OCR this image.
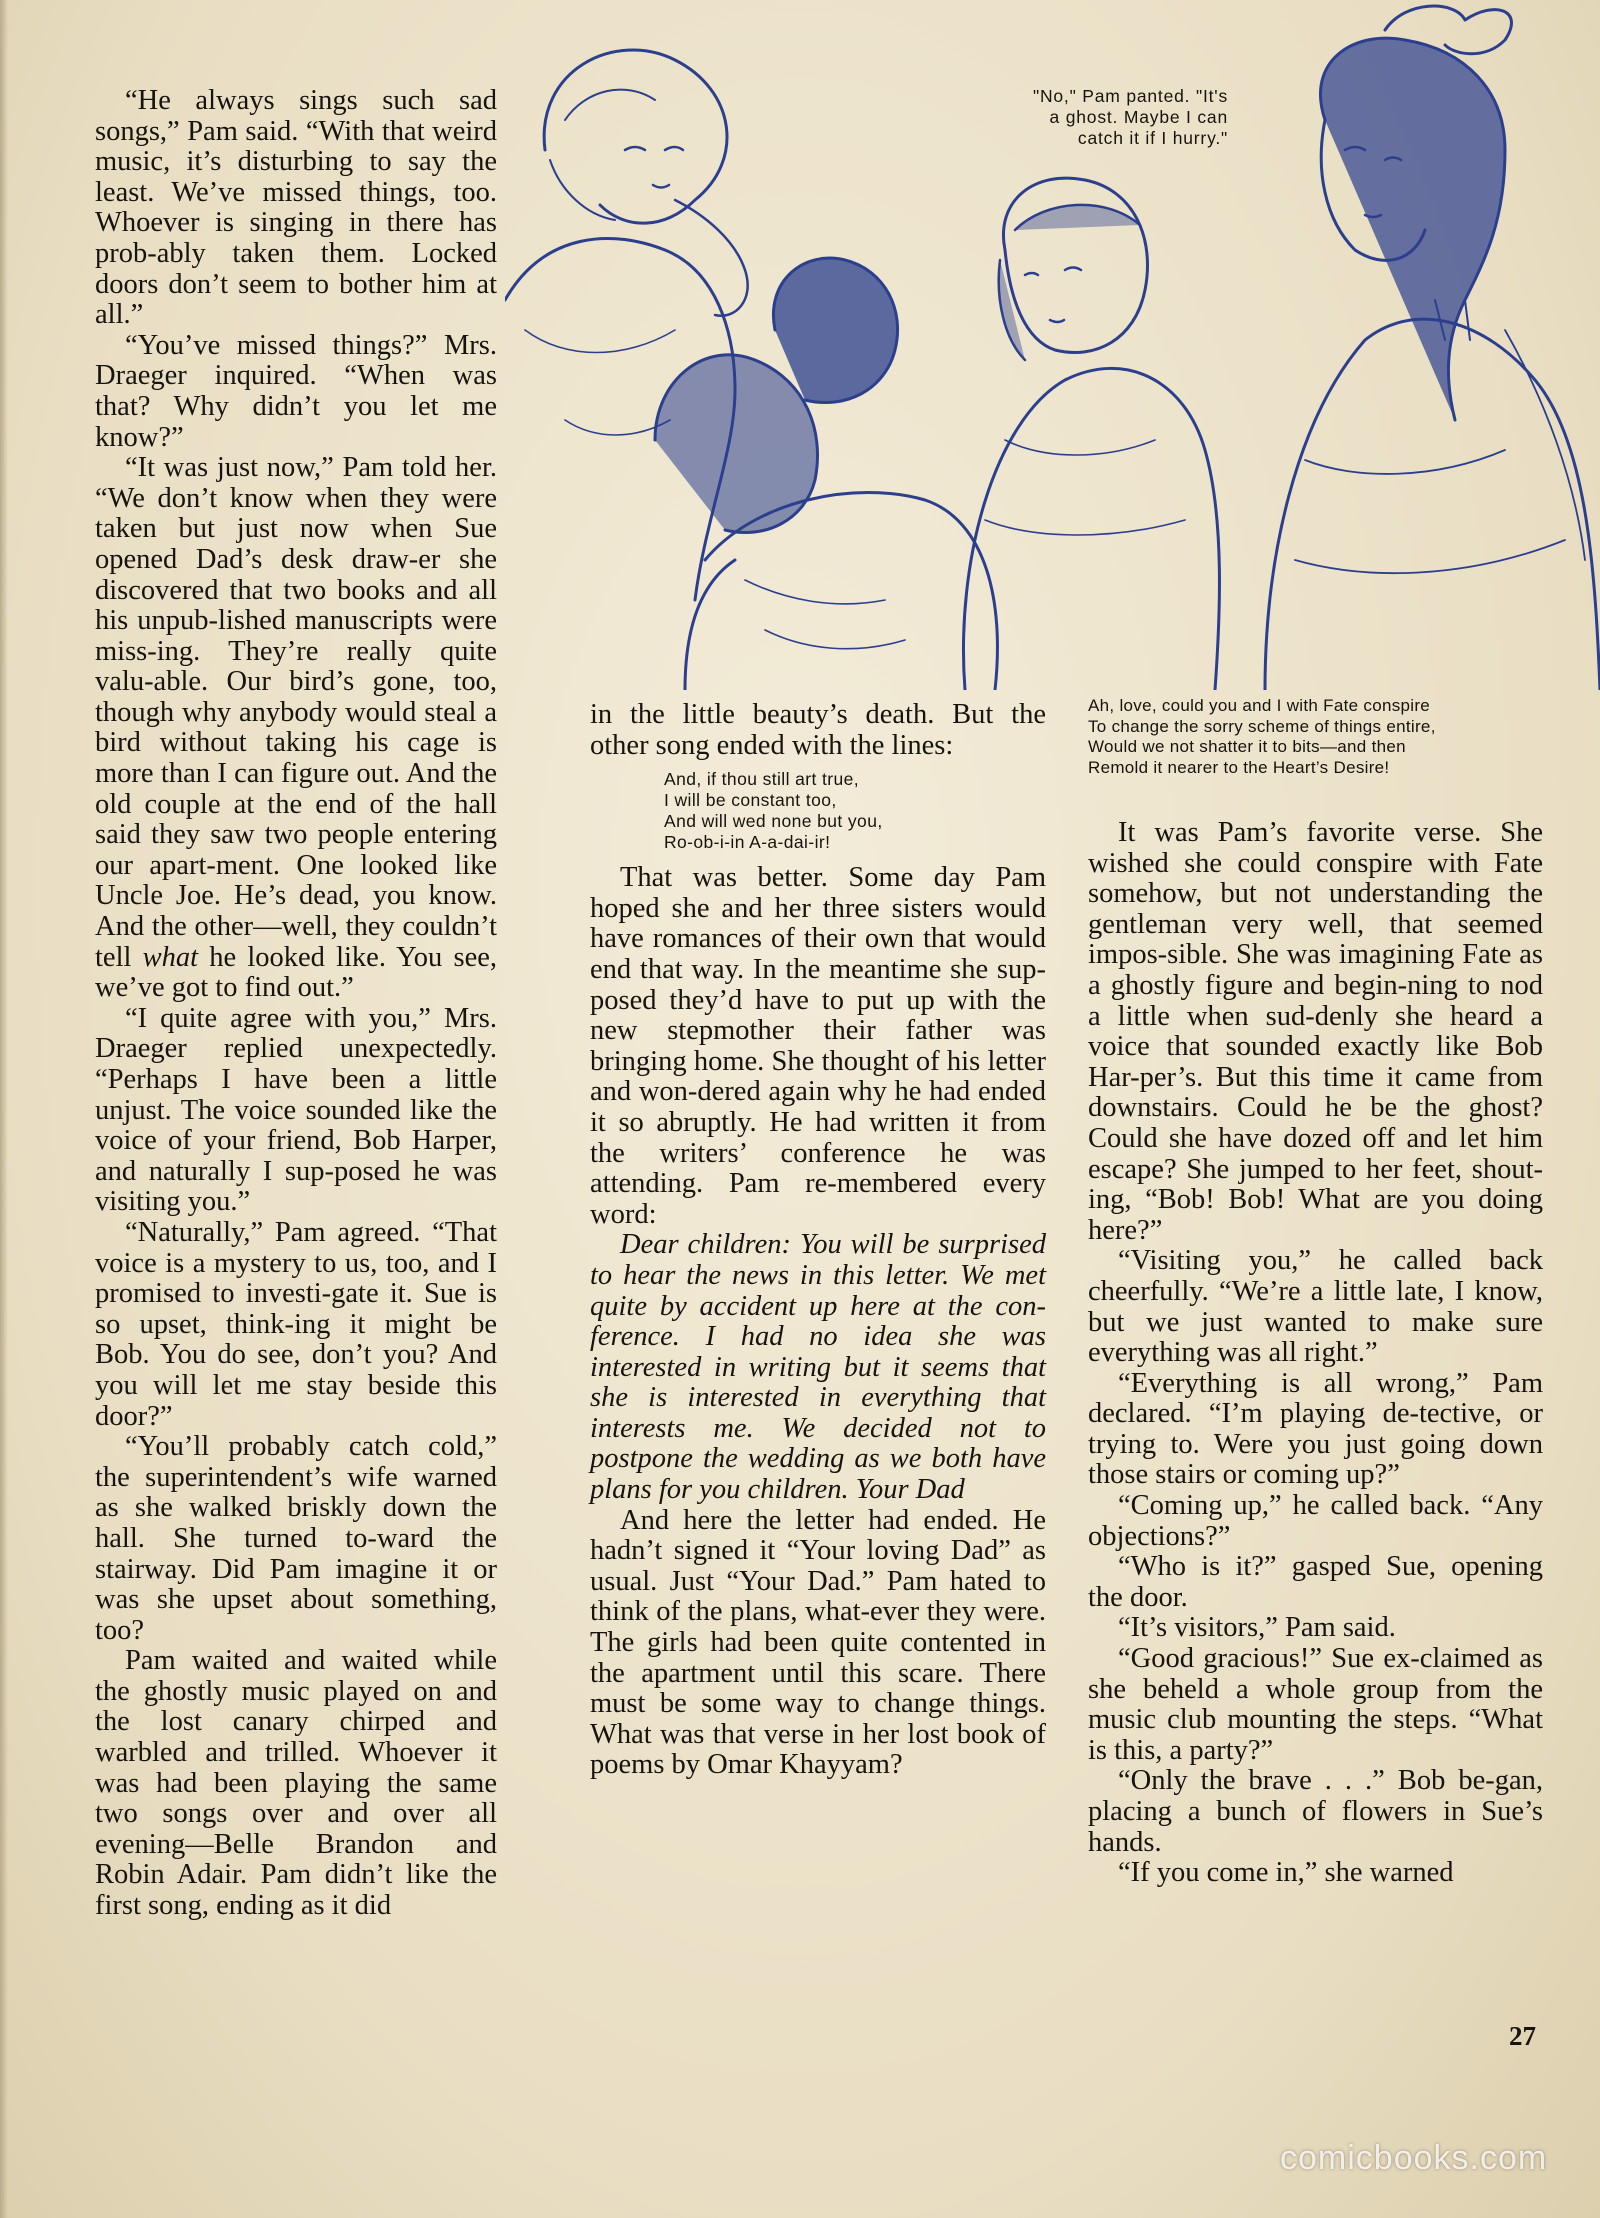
"No," Pam panted. "It's
a ghost. Maybe I can
catch it if I hurry."

“He always sings such sad songs,” Pam said. “With that weird music, it’s disturbing to say the least. We’ve missed things, too. Whoever is singing in there has prob-ably taken them. Locked doors don’t seem to bother him at all.”

“You’ve missed things?” Mrs. Draeger inquired. “When was that? Why didn’t you let me know?”

“It was just now,” Pam told her. “We don’t know when they were taken but just now when Sue opened Dad’s desk draw-er she discovered that two books and all his unpub-lished manuscripts were miss-ing. They’re really quite valu-able. Our bird’s gone, too, though why anybody would steal a bird without taking his cage is more than I can figure out. And the old couple at the end of the hall said they saw two people entering our apart-ment. One looked like Uncle Joe. He’s dead, you know. And the other—well, they couldn’t tell what he looked like. You see, we’ve got to find out.”

“I quite agree with you,” Mrs. Draeger replied unexpectedly. “Perhaps I have been a little unjust. The voice sounded like the voice of your friend, Bob Harper, and naturally I sup-posed he was visiting you.”

“Naturally,” Pam agreed. “That voice is a mystery to us, too, and I promised to investi-gate it. Sue is so upset, think-ing it might be Bob. You do see, don’t you? And you will let me stay beside this door?”

“You’ll probably catch cold,” the superintendent’s wife warned as she walked briskly down the hall. She turned to-ward the stairway. Did Pam imagine it or was she upset about something, too?

Pam waited and waited while the ghostly music played on and the lost canary chirped and warbled and trilled. Whoever it was had been playing the same two songs over and over all evening—Belle Brandon and Robin Adair. Pam didn’t like the first song, ending as it did

in the little beauty’s death. But the other song ended with the lines:

And, if thou still art true,
I will be constant too,
And will wed none but you,
Ro-ob-i-in A-a-dai-ir!

That was better. Some day Pam hoped she and her three sisters would have romances of their own that would end that way. In the meantime she sup-posed they’d have to put up with the new stepmother their father was bringing home. She thought of his letter and won-dered again why he had ended it so abruptly. He had written it from the writers’ conference he was attending. Pam re-membered every word:

Dear children: You will be surprised to hear the news in this letter. We met quite by accident up here at the con-ference. I had no idea she was interested in writing but it seems that she is interested in everything that interests me. We decided not to postpone the wedding as we both have plans for you children. Your Dad

And here the letter had ended. He hadn’t signed it “Your loving Dad” as usual. Just “Your Dad.” Pam hated to think of the plans, what-ever they were. The girls had been quite contented in the apartment until this scare. There must be some way to change things. What was that verse in her lost book of poems by Omar Khayyam?

Ah, love, could you and I with Fate conspire
To change the sorry scheme of things entire,
Would we not shatter it to bits—and then
Remold it nearer to the Heart’s Desire!

It was Pam’s favorite verse. She wished she could conspire with Fate somehow, but not understanding the gentleman very well, that seemed impos-sible. She was imagining Fate as a ghostly figure and begin-ning to nod a little when sud-denly she heard a voice that sounded exactly like Bob Har-per’s. But this time it came from downstairs. Could he be the ghost? Could she have dozed off and let him escape? She jumped to her feet, shout-ing, “Bob! Bob! What are you doing here?”

“Visiting you,” he called back cheerfully. “We’re a little late, I know, but we just wanted to make sure everything was all right.”

“Everything is all wrong,” Pam declared. “I’m playing de-tective, or trying to. Were you just going down those stairs or coming up?”

“Coming up,” he called back. “Any objections?”

“Who is it?” gasped Sue, opening the door.

“It’s visitors,” Pam said.

“Good gracious!” Sue ex-claimed as she beheld a whole group from the music club mounting the steps. “What is this, a party?”

“Only the brave . . .” Bob be-gan, placing a bunch of flowers in Sue’s hands.

“If you come in,” she warned

27
comicbooks.com
